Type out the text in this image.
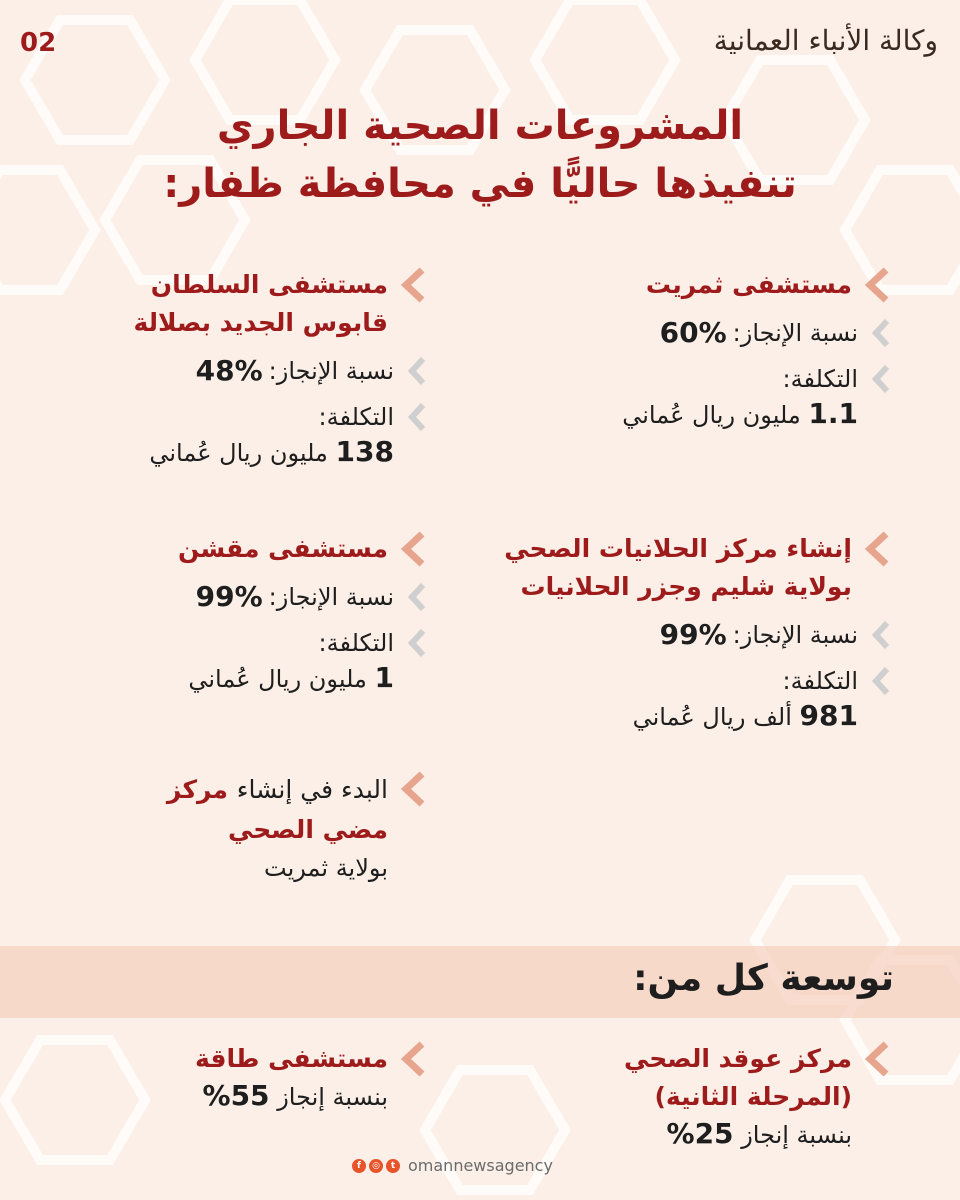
02	وكالة الأنباء العمانية
المشروعات الصحية الجاري
تنفيذها حاليًّا في محافظة ظفار:
مستشفى ثمريت
نسبة الإنجاز:
60%
التكلفة:
1.1 مليون ريال عُماني
مستشفى السلطان
قابوس الجديد بصلالة
نسبة الإنجاز:
48%
التكلفة:
138 مليون ريال عُماني
إنشاء مركز الحلانيات الصحي
بولاية شليم وجزر الحلانيات
نسبة الإنجاز:
99%
التكلفة:
981 ألف ريال عُماني
مستشفى مقشن
نسبة الإنجاز:
99%
التكلفة:
1 مليون ريال عُماني
البدء في إنشاء مركز
مضي الصحي
بولاية ثمريت
توسعة كل من:
مركز عوقد الصحي
(المرحلة الثانية)
بنسبة إنجاز 25%
مستشفى طاقة
بنسبة إنجاز 55%
f	◎	t omannewsagency
